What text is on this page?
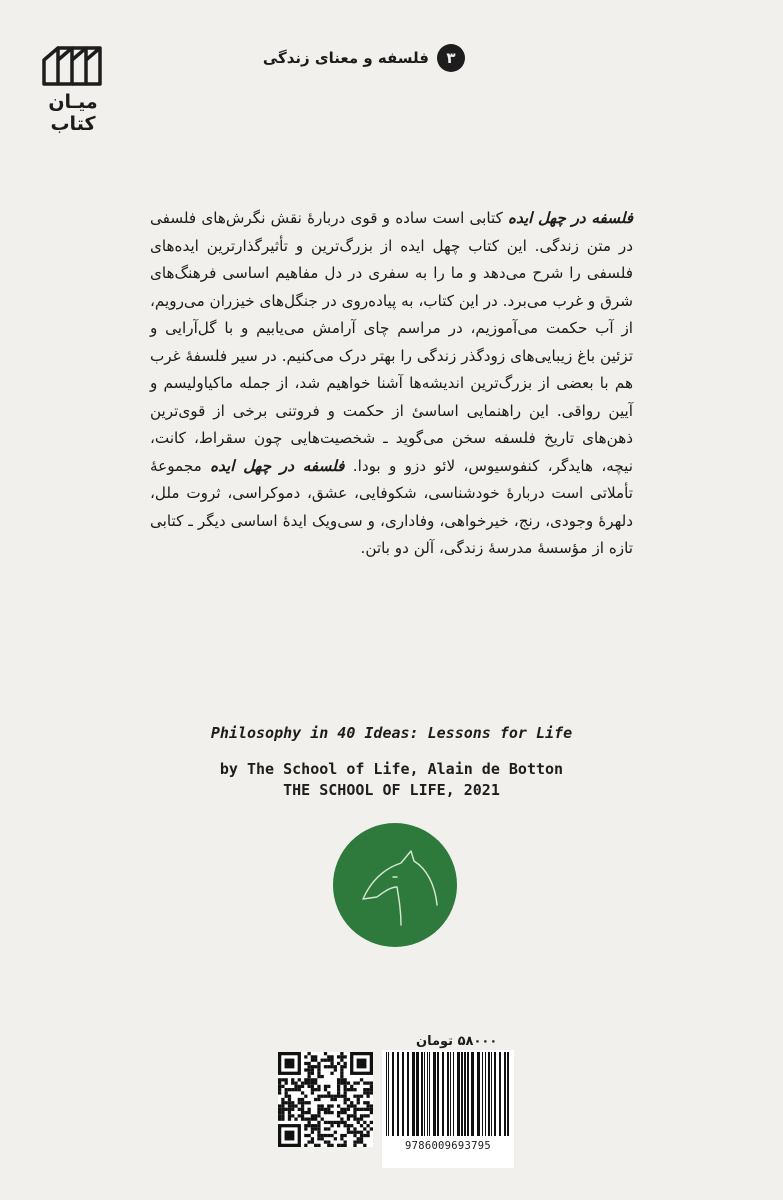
میـان
کتاب
۳
فلسفه و معنای زندگی
فلسفه در چهل ایده کتابی است ساده و قوی دربارهٔ نقش نگرش‌های فلسفی در متن زندگی. این کتاب چهل ایده از بزرگ‌ترین و تأثیرگذارترین ایده‌های فلسفی را شرح می‌دهد و ما را به سفری در دل مفاهیم اساسی فرهنگ‌های شرق و غرب می‌برد. در این کتاب، به پیاده‌روی در جنگل‌های خیزران می‌رویم، از آب حکمت می‌آموزیم، در مراسم چای آرامش می‌یابیم و با گل‌آرایی و تزئین باغ زیبایی‌های زودگذر زندگی را بهتر درک می‌کنیم. در سیر فلسفهٔ غرب هم با بعضی از بزرگ‌ترین اندیشه‌ها آشنا خواهیم شد، از جمله ماکیاولیسم و آیین رواقی. این راهنمایی اساسیٔ از حکمت و فروتنی برخی از قوی‌ترین ذهن‌های تاریخ فلسفه سخن می‌گوید ـ شخصیت‌هایی چون سقراط، کانت، نیچه، هایدگر، کنفوسیوس، لائو دزو و بودا. فلسفه در چهل ایده مجموعهٔ تأملاتی است دربارهٔ خودشناسی، شکوفایی، عشق، دموکراسی، ثروت ملل، دلهرهٔ وجودی، رنج، خیرخواهی، وفاداری، و سی‌ویک ایدهٔ اساسی دیگر ـ کتابی تازه از مؤسسهٔ مدرسهٔ زندگی، آلن دو باتن.
Philosophy in 40 Ideas: Lessons for Life
by The School of Life, Alain de Botton
THE SCHOOL OF LIFE, 2021
۵۸۰۰۰ تومان
9786009693795
